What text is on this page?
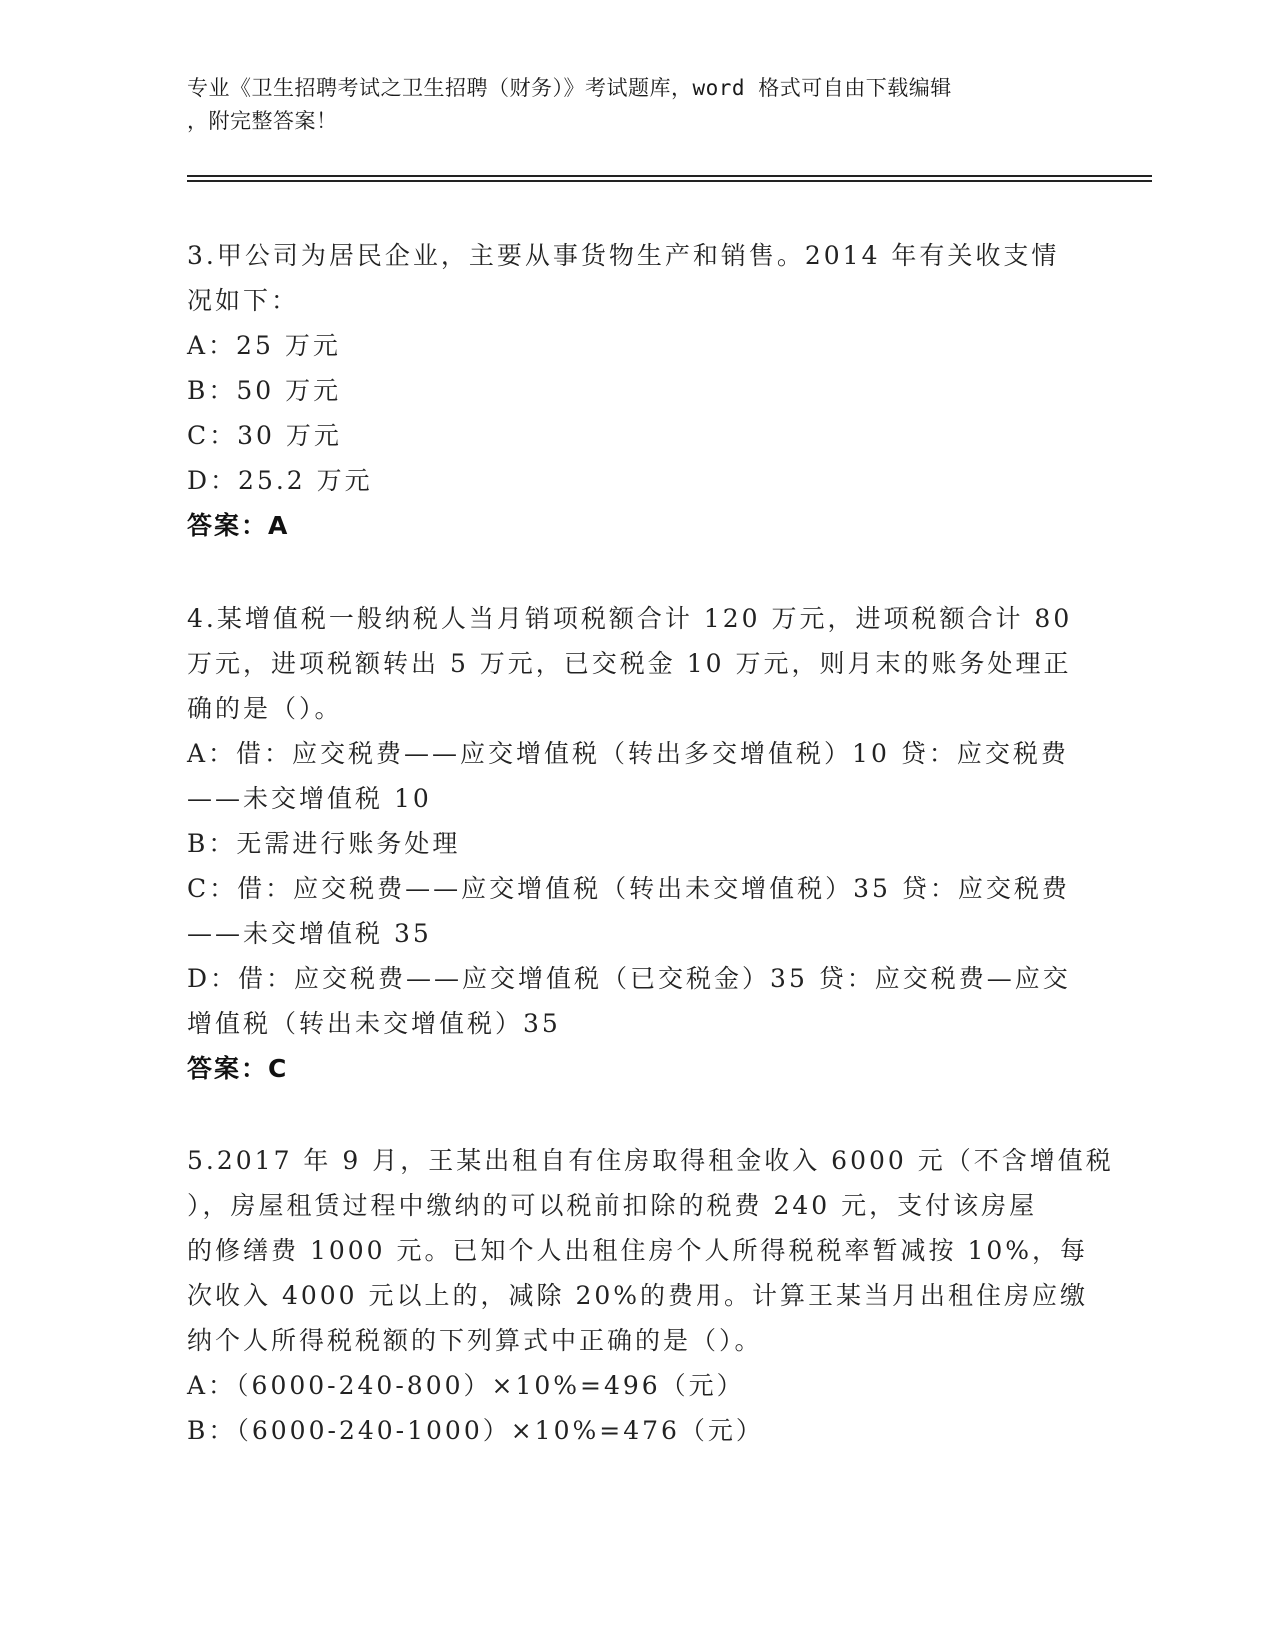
专业《卫生招聘考试之卫生招聘（财务）》考试题库，word 格式可自由下载编辑
，附完整答案！
3.甲公司为居民企业，主要从事货物生产和销售。2014 年有关收支情
况如下：
A：25 万元
B：50 万元
C：30 万元
D：25.2 万元
答案：A
4.某增值税一般纳税人当月销项税额合计 120 万元，进项税额合计 80
万元，进项税额转出 5 万元，已交税金 10 万元，则月末的账务处理正
确的是（）。
A：借：应交税费——应交增值税（转出多交增值税）10 贷：应交税费
——未交增值税 10
B：无需进行账务处理
C：借：应交税费——应交增值税（转出未交增值税）35 贷：应交税费
——未交增值税 35
D：借：应交税费——应交增值税（已交税金）35 贷：应交税费—应交
增值税（转出未交增值税）35
答案：C
5.2017 年 9 月，王某出租自有住房取得租金收入 6000 元（不含增值税
），房屋租赁过程中缴纳的可以税前扣除的税费 240 元，支付该房屋
的修缮费 1000 元。已知个人出租住房个人所得税税率暂减按 10%，每
次收入 4000 元以上的，减除 20%的费用。计算王某当月出租住房应缴
纳个人所得税税额的下列算式中正确的是（）。
A：（6000-240-800）×10%=496（元）
B：（6000-240-1000）×10%=476（元）
